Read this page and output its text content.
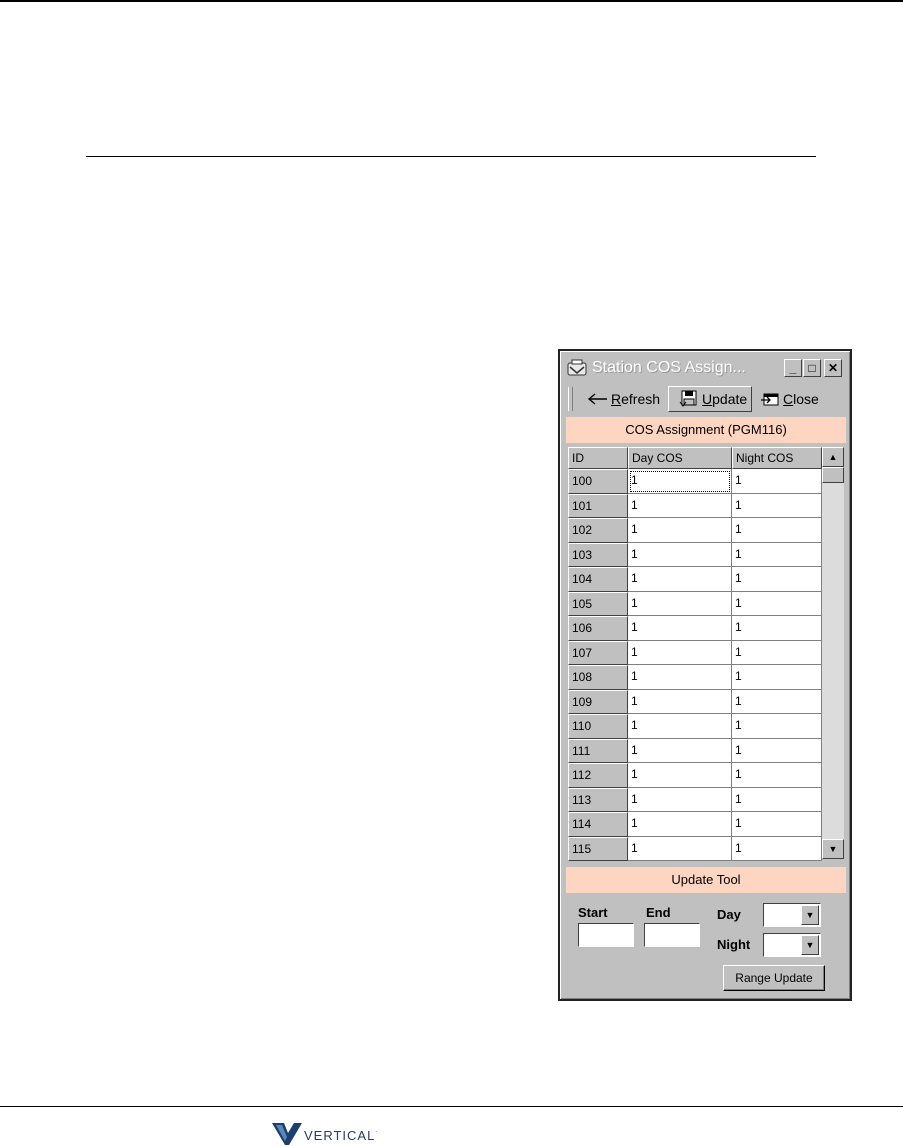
Station COS Assign...	_	□	✕
R efresh	U pdate	C lose
COS Assignment (PGM116)
ID	Day COS	Night COS
100	1	1
101	1	1
102	1	1
103	1	1
104	1	1
105	1	1
106	1	1
107	1	1
108	1	1
109	1	1
110	1	1
111	1	1
112	1	1
113	1	1
114	1	1
115	1	1
▲
▼
Update Tool
Start	End	Day
Night
▼
▼
Range Update
VERTICAL.
